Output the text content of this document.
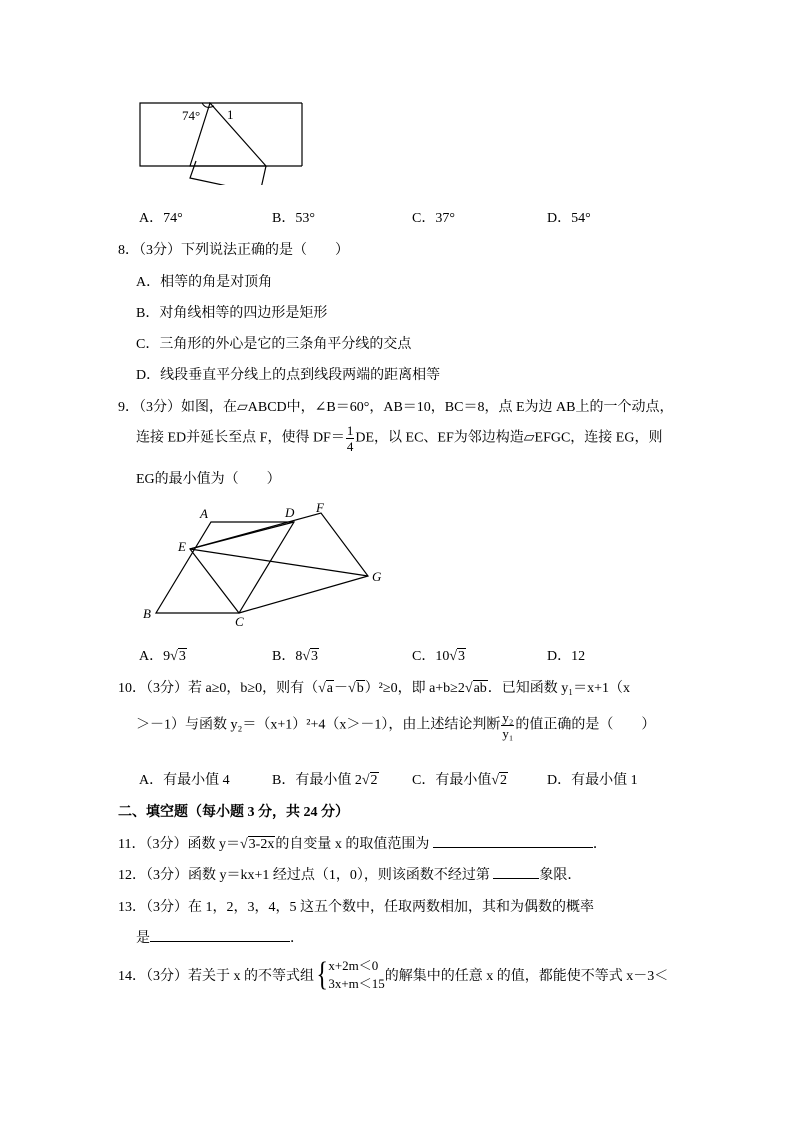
74° 1
A．74°	B．53°	C．37°	D．54°
8．（3分）下列说法正确的是（　　）
A．相等的角是对顶角
B．对角线相等的四边形是矩形
C．三角形的外心是它的三条角平分线的交点
D．线段垂直平分线上的点到线段两端的距离相等
9．（3分）如图，在▱ABCD中，∠B＝60°，AB＝10，BC＝8，点 E为边 AB上的一个动点，
连接 ED并延长至点 F，使得 $DF= \frac{1}{4}$ DE，以 EC、EF为邻边构造▱EFGC，连接 EG，则
EG的最小值为（　　）
A	D F
E
G
B
C
A．9√3	B．8√3	C．10√3	D．12
10．（3分）若 a≥0，b≥0，则有（√a－√b）²≥0，即 a+b≥2√ab．已知函数 y₁＝x+1（x
＞－1）与函数 y₂＝（x+1）²+4（x＞－1），由上述结论判断 $\frac{\text{y₂}}{\text{y₁}}$ 的值正确的是（　　）
A．有最小值 4	B．有最小值 2√2 C．有最小值√2	D．有最小值 1
二、填空题（每小题 3 分，共 24 分）
11．（3分）函数 y＝√3-2x的自变量 x 的取值范围为	．
12．（3分）函数 y＝kx+1 经过点（1，0），则该函数不经过第	象限．
13．（3分）在 1，2，3，4，5 这五个数中，任取两数相加，其和为偶数的概率
是	．
14．（3分）若关于 x 的不等式组{ x+2m＜0
3x+m＜15 的解集中的任意 x 的值，都能使不等式 x－3＜
